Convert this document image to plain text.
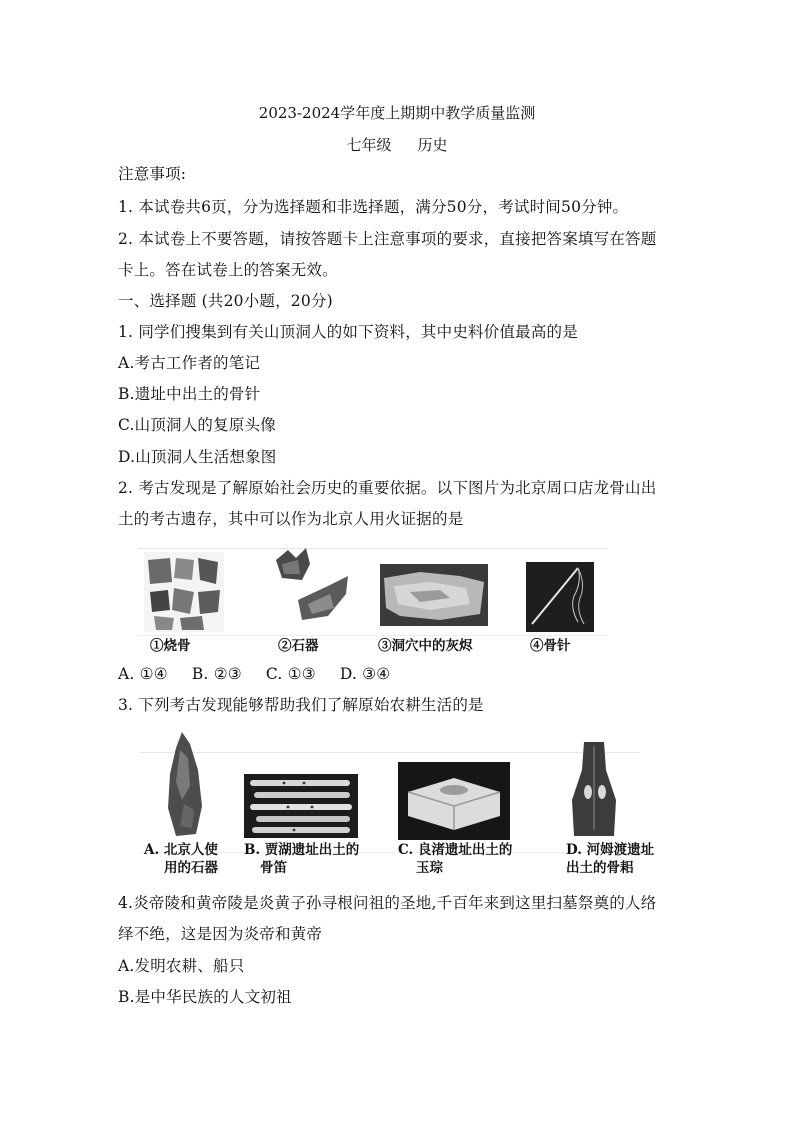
2023-2024学年度上期期中教学质量监测
七年级 历史
注意事项:
1. 本试卷共6页，分为选择题和非选择题，满分50分，考试时间50分钟。
2. 本试卷上不要答题，请按答题卡上注意事项的要求，直接把答案填写在答题
卡上。答在试卷上的答案无效。
一、选择题 (共20小题，20分)
1. 同学们搜集到有关山顶洞人的如下资料，其中史料价值最高的是
A.考古工作者的笔记
B.遗址中出土的骨针
C.山顶洞人的复原头像
D.山顶洞人生活想象图
2. 考古发现是了解原始社会历史的重要依据。以下图片为北京周口店龙骨山出
土的考古遗存，其中可以作为北京人用火证据的是
①烧骨	②石器	③洞穴中的灰烬	④骨针
A. ①④ B. ②③ C. ①③ D. ③④
3. 下列考古发现能够帮助我们了解原始农耕生活的是
A. 北京人使
用的石器
B. 贾湖遗址出土的
骨笛
C. 良渚遗址出土的
玉琮
D. 河姆渡遗址
出土的骨耜
4.炎帝陵和黄帝陵是炎黄子孙寻根问祖的圣地,千百年来到这里扫墓祭奠的人络
绎不绝，这是因为炎帝和黄帝
A.发明农耕、船只
B.是中华民族的人文初祖
